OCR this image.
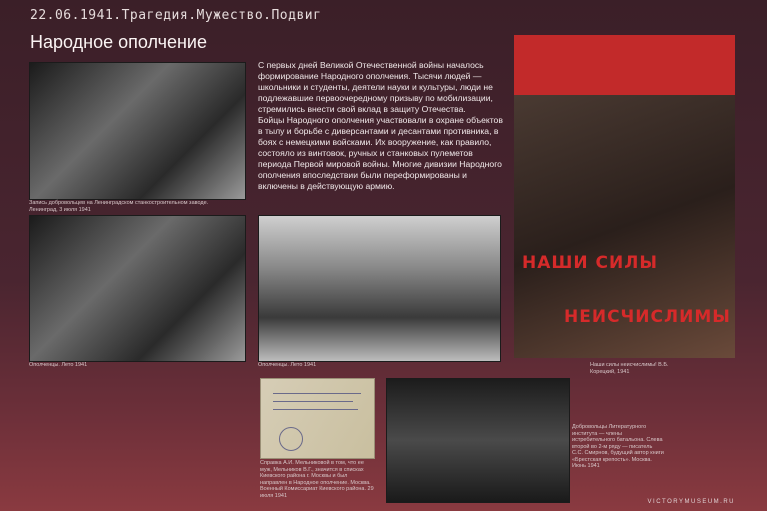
22.06.1941.Трагедия.Мужество.Подвиг
Народное ополчение
Запись добровольцев на Ленинградском станкостроительном заводе. Ленинград, 3 июля 1941

С первых дней Великой Отечественной войны началось формирование Народного ополчения. Тысячи людей — школьники и студенты, деятели науки и культуры, люди не подлежавшие первоочередному призыву по мобилизации, стремились внести свой вклад в защиту Отечества.

Бойцы Народного ополчения участвовали в охране объектов в тылу и борьбе с диверсантами и десантами противника, в боях с немецкими войсками. Их вооружение, как правило, состояло из винтовок, ручных и станковых пулеметов периода Первой мировой войны. Многие дивизии Народного ополчения впоследствии были переформированы и включены в действующую армию.

НАШИ СИЛЫ
НЕИСЧИСЛИМЫ
Наши силы неисчислимы! В.Б. Корецкий, 1941
Ополченцы. Лето 1941	Ополченцы. Лето 1941
Справка А.И. Мельниковой в том, что ее муж, Мельников В.Г., значится в списках Киевского района г. Москвы и был направлен в Народное ополчение. Москва. Военный Комиссариат Киевского района. 29 июля 1941
Добровольцы Литературного института — члены истребительного батальона. Слева второй во 2-м ряду — писатель С.С. Смирнов, будущий автор книги «Брестская крепость». Москва. Июнь 1941
VICTORYMUSEUM.RU
